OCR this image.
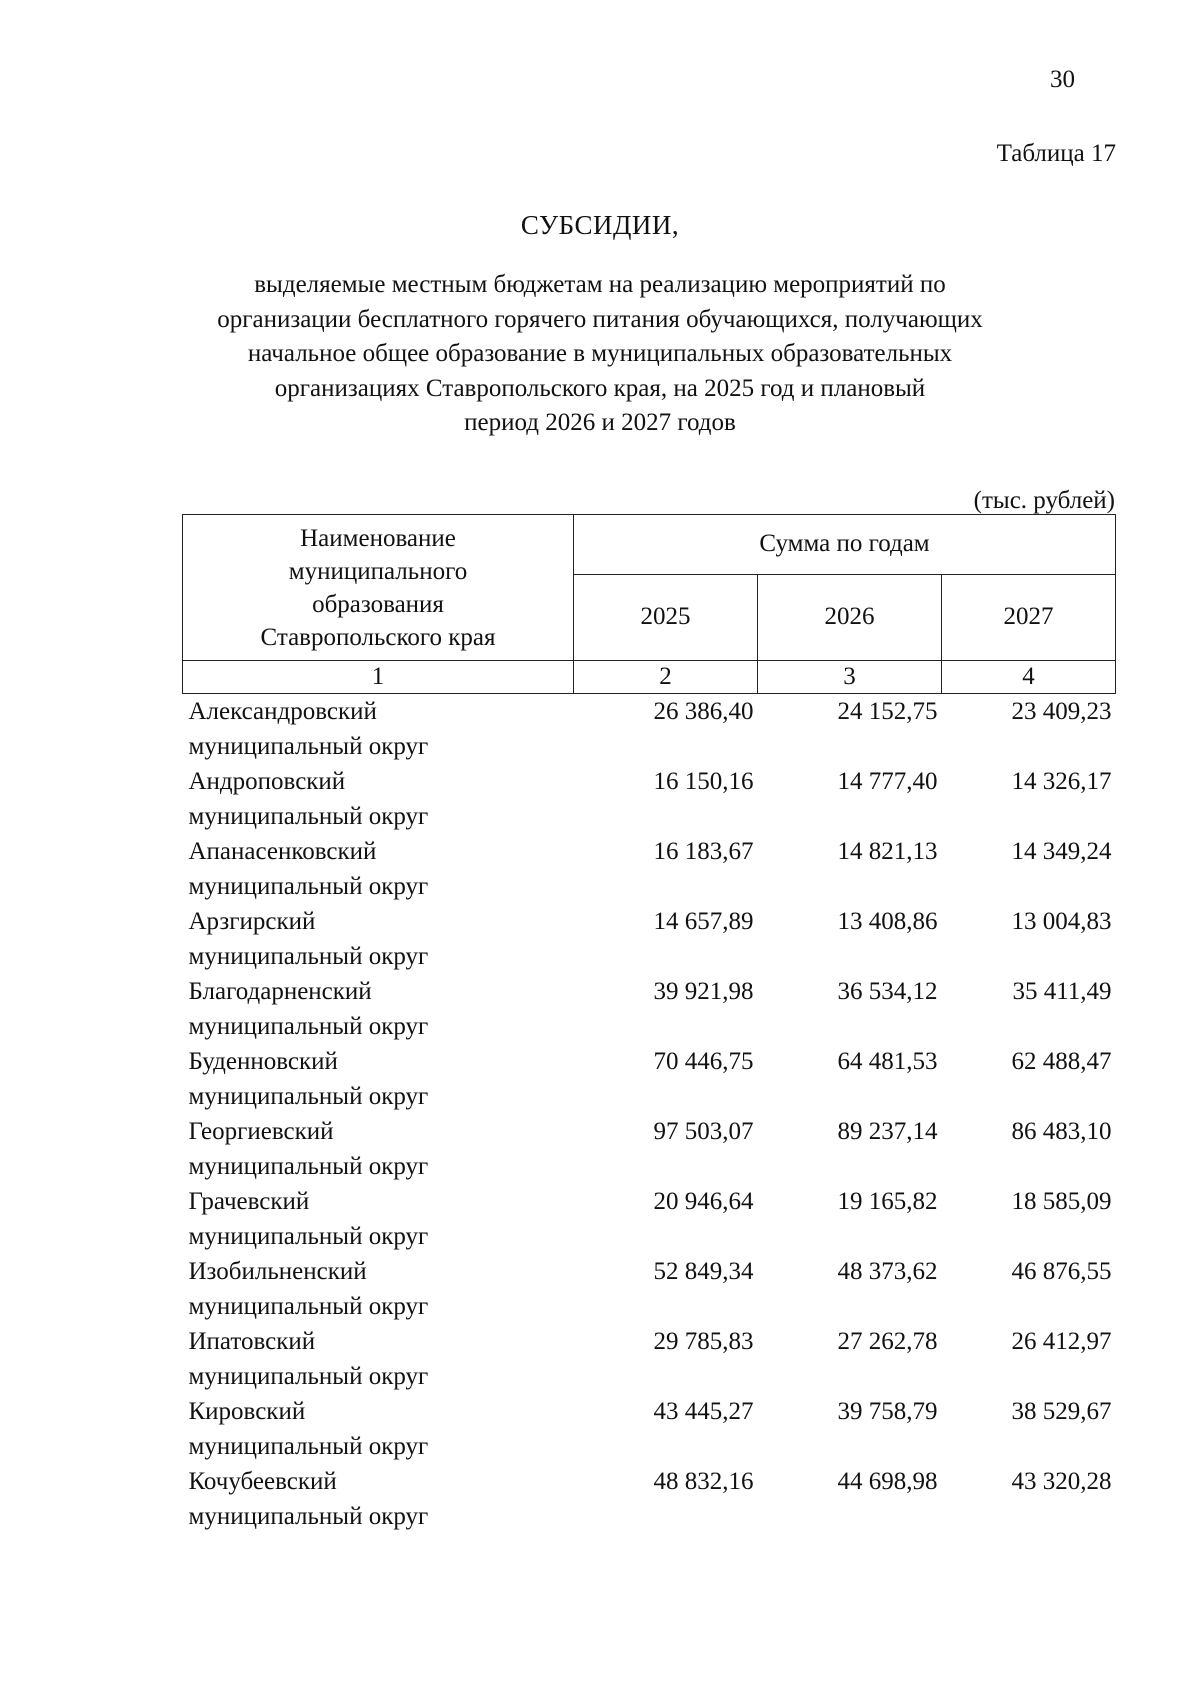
30
Таблица 17
СУБСИДИИ,
выделяемые местным бюджетам на реализацию мероприятий по
организации бесплатного горячего питания обучающихся, получающих
начальное общее образование в муниципальных образовательных
организациях Ставропольского края, на 2025 год и плановый
период 2026 и 2027 годов
(тыс. рублей)
Наименование
муниципального
образования
Ставропольского края	Сумма по годам		
	2025	2026	2027
1	2	3	4

Александровский
муниципальный округ	26 386,40	24 152,75	23 409,23

Андроповский
муниципальный округ	16 150,16	14 777,40	14 326,17

Апанасенковский
муниципальный округ	16 183,67	14 821,13	14 349,24

Арзгирский
муниципальный округ	14 657,89	13 408,86	13 004,83

Благодарненский
муниципальный округ	39 921,98	36 534,12	35 411,49

Буденновский
муниципальный округ	70 446,75	64 481,53	62 488,47

Георгиевский
муниципальный округ	97 503,07	89 237,14	86 483,10

Грачевский
муниципальный округ	20 946,64	19 165,82	18 585,09

Изобильненский
муниципальный округ	52 849,34	48 373,62	46 876,55

Ипатовский
муниципальный округ	29 785,83	27 262,78	26 412,97

Кировский
муниципальный округ	43 445,27	39 758,79	38 529,67

Кочубеевский
муниципальный округ	48 832,16	44 698,98	43 320,28
